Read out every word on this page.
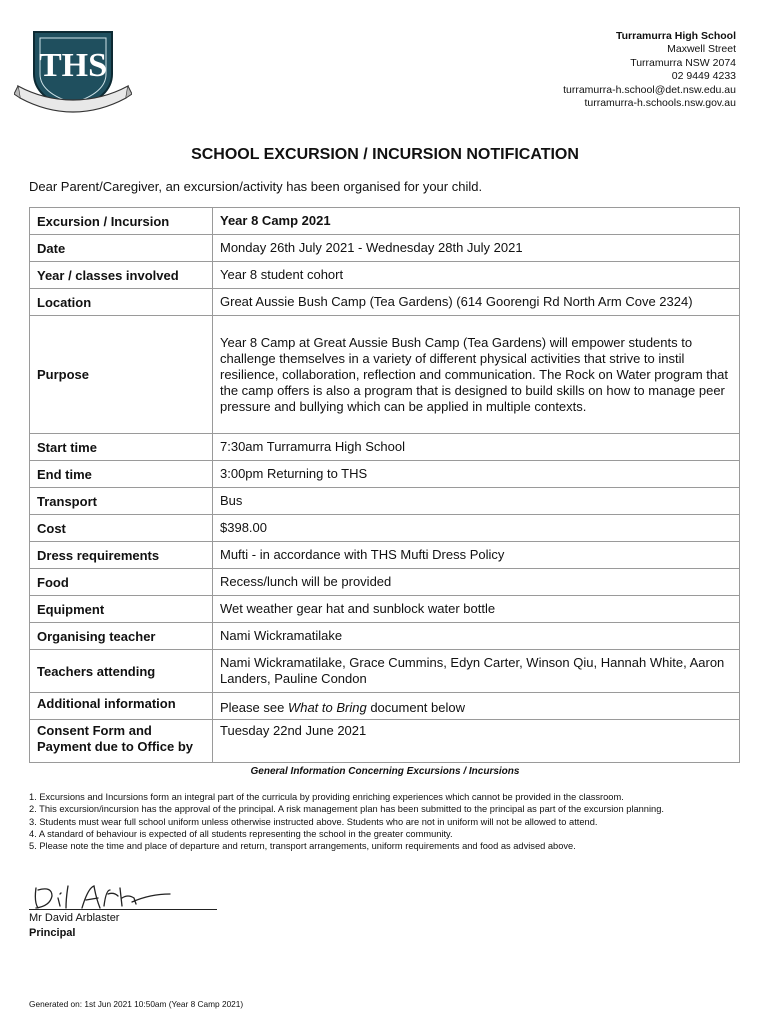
THS
Turramurra High School
Maxwell Street
Turramurra NSW 2074
02 9449 4233
turramurra-h.school@det.nsw.edu.au
turramurra-h.schools.nsw.gov.au
SCHOOL EXCURSION / INCURSION NOTIFICATION
Dear Parent/Caregiver, an excursion/activity has been organised for your child.
Excursion / Incursion	Year 8 Camp 2021
Date	Monday 26th July 2021 - Wednesday 28th July 2021
Year / classes involved	Year 8 student cohort
Location	Great Aussie Bush Camp (Tea Gardens) (614 Goorengi Rd North Arm Cove 2324)
Purpose	Year 8 Camp at Great Aussie Bush Camp (Tea Gardens) will empower students to challenge themselves in a variety of different physical activities that strive to instil resilience, collaboration, reflection and communication. The Rock on Water program that the camp offers is also a program that is designed to build skills on how to manage peer pressure and bullying which can be applied in multiple contexts.
Start time	7:30am Turramurra High School
End time	3:00pm Returning to THS
Transport	Bus
Cost	$398.00
Dress requirements	Mufti - in accordance with THS Mufti Dress Policy
Food	Recess/lunch will be provided
Equipment	Wet weather gear hat and sunblock water bottle
Organising teacher	Nami Wickramatilake
Teachers attending	Nami Wickramatilake, Grace Cummins, Edyn Carter, Winson Qiu, Hannah White, Aaron Landers, Pauline Condon
Additional information	Please see What to Bring document below

Consent Form and
Payment due to Office by	Tuesday 22nd June 2021
General Information Concerning Excursions / Incursions
1. Excursions and Incursions form an integral part of the curricula by providing enriching experiences which cannot be provided in the classroom.
2. This excursion/incursion has the approval of the principal. A risk management plan has been submitted to the principal as part of the excursion planning.
3. Students must wear full school uniform unless otherwise instructed above. Students who are not in uniform will not be allowed to attend.
4. A standard of behaviour is expected of all students representing the school in the greater community.
5. Please note the time and place of departure and return, transport arrangements, uniform requirements and food as advised above.
Mr David Arblaster
Principal
Generated on: 1st Jun 2021 10:50am (Year 8 Camp 2021)
